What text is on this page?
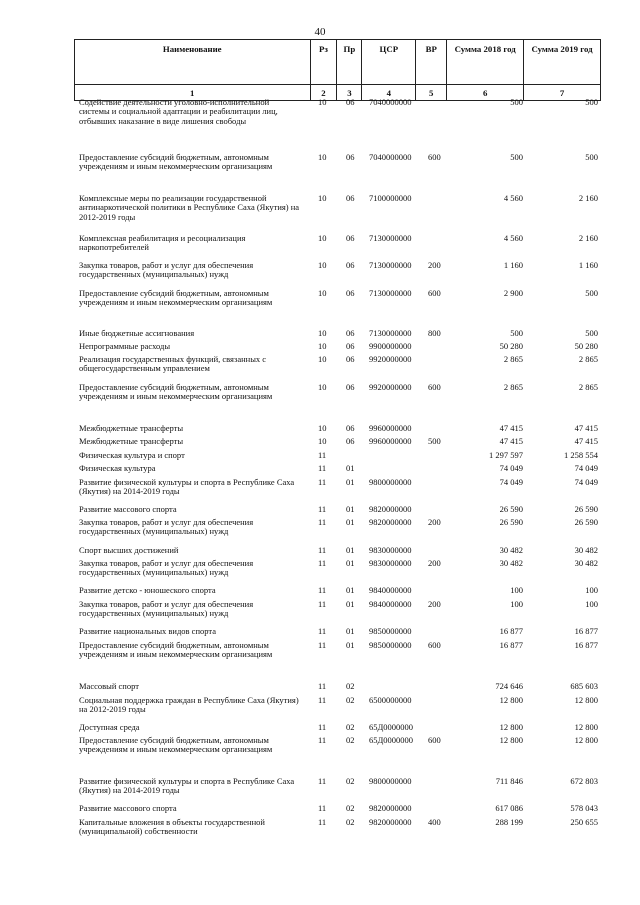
40
Наименование	Рз	Пр	ЦСР	ВР	Сумма 2018 год	Сумма 2019 год
1	2	3	4	5	6	7
Содействие деятельности уголовно-исполнительной системы и социальной адаптации и реабилитации лиц, отбывших наказание в виде лишения свободы
10 06 7040000000	500	500
Предоставление субсидий бюджетным, автономным учреждениям и иным некоммерческим организациям
10 06 7040000000 600	500	500
Комплексные меры по реализации государственной антинаркотической политики в Республике Саха (Якутия) на 2012-2019 годы
10 06 7100000000	4 560	2 160
Комплексная реабилитация и ресоциализация наркопотребителей
10 06 7130000000	4 560	2 160
Закупка товаров, работ и услуг для обеспечения государственных (муниципальных) нужд
10 06 7130000000 200	1 160	1 160
Предоставление субсидий бюджетным, автономным учреждениям и иным некоммерческим организациям
10 06 7130000000 600	2 900	500
Иные бюджетные ассигнования	10 06 7130000000 800	500	500
Непрограммные расходы	10 06 9900000000	50 280	50 280
Реализация государственных функций, связанных с общегосударственным управлением
10 06 9920000000	2 865	2 865
Предоставление субсидий бюджетным, автономным учреждениям и иным некоммерческим организациям
10 06 9920000000 600	2 865	2 865
Межбюджетные трансферты	10 06 9960000000	47 415	47 415
Межбюджетные трансферты	10 06 9960000000 500	47 415	47 415
Физическая культура и спорт	11	1 297 597	1 258 554
Физическая культура	11 01	74 049	74 049
Развитие физической культуры и спорта в Республике Саха (Якутия) на 2014-2019 годы
11 01 9800000000	74 049	74 049
Развитие массового спорта	11 01 9820000000	26 590	26 590
Закупка товаров, работ и услуг для обеспечения государственных (муниципальных) нужд
11 01 9820000000 200	26 590	26 590
Спорт высших достижений	11 01 9830000000	30 482	30 482
Закупка товаров, работ и услуг для обеспечения государственных (муниципальных) нужд
11 01 9830000000 200	30 482	30 482
Развитие детско - юношеского спорта	11 01 9840000000	100	100
Закупка товаров, работ и услуг для обеспечения государственных (муниципальных) нужд
11 01 9840000000 200	100	100
Развитие национальных видов спорта	11 01 9850000000	16 877	16 877
Предоставление субсидий бюджетным, автономным учреждениям и иным некоммерческим организациям
11 01 9850000000 600	16 877	16 877
Массовый спорт	11 02	724 646	685 603
Социальная поддержка граждан в Республике Саха (Якутия) на 2012-2019 годы
11 02 6500000000	12 800	12 800
Доступная среда	11 02 65Д0000000	12 800	12 800
Предоставление субсидий бюджетным, автономным учреждениям и иным некоммерческим организациям
11 02 65Д0000000 600	12 800	12 800
Развитие физической культуры и спорта в Республике Саха (Якутия) на 2014-2019 годы
11 02 9800000000	711 846	672 803
Развитие массового спорта	11 02 9820000000	617 086	578 043
Капитальные вложения в объекты государственной (муниципальной) собственности
11 02 9820000000 400	288 199	250 655
